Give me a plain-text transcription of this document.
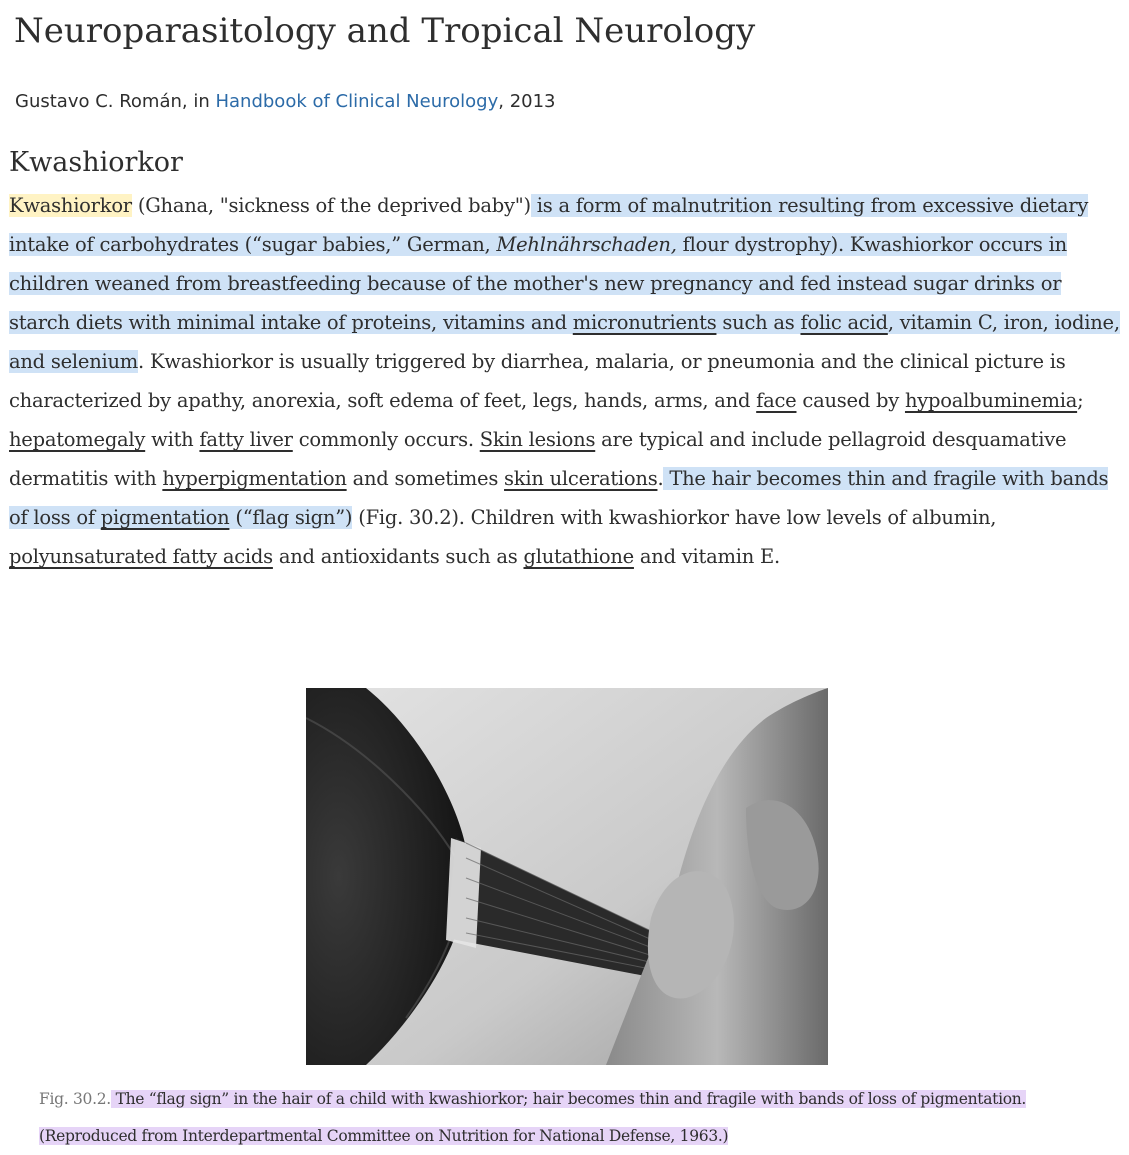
Neuroparasitology and Tropical Neurology
Gustavo C. Román, in Handbook of Clinical Neurology, 2013
Kwashiorkor

Kwashiorkor (Ghana, "sickness of the deprived baby") is a form of malnutrition resulting from excessive dietary intake of carbohydrates (“sugar babies,” German, Mehlnährschaden, flour dystrophy). Kwashiorkor occurs in children weaned from breastfeeding because of the mother's new pregnancy and fed instead sugar drinks or starch diets with minimal intake of proteins, vitamins and micronutrients such as folic acid, vitamin C, iron, iodine, and selenium. Kwashiorkor is usually triggered by diarrhea, malaria, or pneumonia and the clinical picture is characterized by apathy, anorexia, soft edema of feet, legs, hands, arms, and face caused by hypoalbuminemia; hepatomegaly with fatty liver commonly occurs. Skin lesions are typical and include pellagroid desquamative dermatitis with hyperpigmentation and sometimes skin ulcerations. The hair becomes thin and fragile with bands of loss of pigmentation (“flag sign”) (Fig. 30.2). Children with kwashiorkor have low levels of albumin, polyunsaturated fatty acids and antioxidants such as glutathione and vitamin E.

Fig. 30.2. The “flag sign” in the hair of a child with kwashiorkor; hair becomes thin and fragile with bands of loss of pigmentation.

(Reproduced from Interdepartmental Committee on Nutrition for National Defense, 1963.)
